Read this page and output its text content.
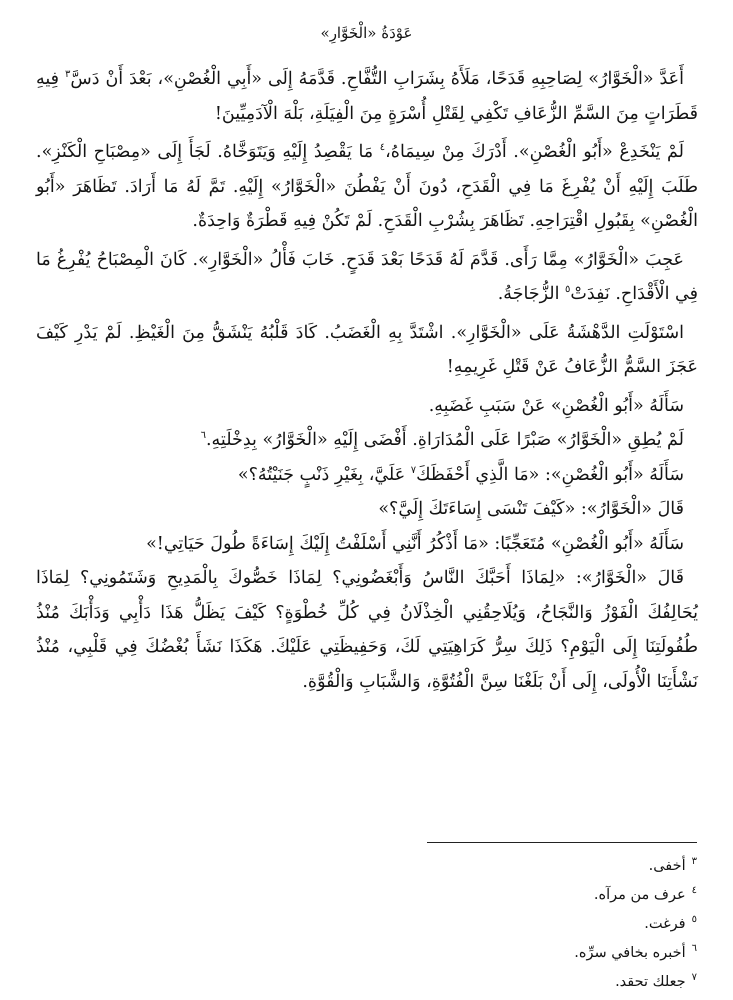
عَوْدَةُ «الْخَوَّارِ»

أَعَدَّ «الْخَوَّارُ» لِصَاحِبِهِ قَدَحًا، مَلَأَهُ بِشَرَابِ التُّفَّاحِ. قَدَّمَهُ إِلَى «أَبِي الْغُصْنِ»، بَعْدَ أَنْ دَسَّ$^٣$ فِيهِ قَطَرَاتٍ مِنَ السَّمِّ الزُّعَافِ تَكْفِي لِقَتْلِ أُسْرَةٍ مِنَ الْفِيَلَةِ، بَلْهَ الْآدَمِيِّينَ!

لَمْ يَنْخَدِعْ «أَبُو الْغُصْنِ». أَدْرَكَ مِنْ سِيمَاهُ،$^٤$ مَا يَقْصِدُ إِلَيْهِ وَيَتَوَخَّاهُ. لَجَأَ إِلَى «مِصْبَاحِ الْكَنْزِ». طَلَبَ إِلَيْهِ أَنْ يُفْرِغَ مَا فِي الْقَدَحِ، دُونَ أَنْ يَفْطُنَ «الْخَوَّارُ» إِلَيْهِ. تَمَّ لَهُ مَا أَرَادَ. تَظَاهَرَ «أَبُو الْغُصْنِ» بِقَبُولِ اقْتِرَاحِهِ. تَظَاهَرَ بِشُرْبِ الْقَدَحِ. لَمْ تَكُنْ فِيهِ قَطْرَةٌ وَاحِدَةٌ.

عَجِبَ «الْخَوَّارُ» مِمَّا رَأَى. قَدَّمَ لَهُ قَدَحًا بَعْدَ قَدَحٍ. خَابَ فَأْلُ «الْخَوَّارِ». كَانَ الْمِصْبَاحُ يُفْرِغُ مَا فِي الْأَقْدَاحِ. نَفِدَتْ$^٥$ الزُّجَاجَةُ.

اسْتَوْلَتِ الدَّهْشَةُ عَلَى «الْخَوَّارِ». اشْتَدَّ بِهِ الْغَضَبُ. كَادَ قَلْبُهُ يَنْشَقُّ مِنَ الْغَيْظِ. لَمْ يَدْرِ كَيْفَ عَجَزَ السَّمُّ الزُّعَافُ عَنْ قَتْلِ غَرِيمِهِ!

سَأَلَهُ «أَبُو الْغُصْنِ» عَنْ سَبَبِ غَضَبِهِ.

لَمْ يُطِقِ «الْخَوَّارُ» صَبْرًا عَلَى الْمُدَارَاةِ. أَفْضَى إِلَيْهِ «الْخَوَّارُ» بِدِخْلَتِهِ.$^٦$

سَأَلَهُ «أَبُو الْغُصْنِ»: «مَا الَّذِي أَحْفَظَكَ$^٧$ عَلَيَّ، بِغَيْرِ ذَنْبٍ جَنَيْتُهُ؟»

قَالَ «الْخَوَّارُ»: «كَيْفَ تَنْسَى إِسَاءَتَكَ إِلَيَّ؟»

سَأَلَهُ «أَبُو الْغُصْنِ» مُتَعَجِّبًا: «مَا أَذْكُرُ أَنَّنِي أَسْلَفْتُ إِلَيْكَ إِسَاءَةً طُولَ حَيَاتِي!»

قَالَ «الْخَوَّارُ»: «لِمَاذَا أَحَبَّكَ النَّاسُ وَأَبْغَضُونِي؟ لِمَاذَا خَصُّوكَ بِالْمَدِيحِ وَشَتَمُونِي؟ لِمَاذَا يُحَالِفُكَ الْفَوْزُ وَالنَّجَاحُ، وَيُلَاحِقُنِي الْخِذْلَانُ فِي كُلِّ خُطْوَةٍ؟ كَيْفَ يَظَلُّ هَذَا دَأْبِي وَدَأْبَكَ مُنْذُ طُفُولَتِنَا إِلَى الْيَوْمِ؟ ذَلِكَ سِرُّ كَرَاهِيَتِي لَكَ، وَحَفِيظَتِي عَلَيْكَ. هَكَذَا نَشَأَ بُغْضُكَ فِي قَلْبِي، مُنْذُ نَشْأَتِنَا الْأُولَى، إِلَى أَنْ بَلَغْنَا سِنَّ الْفُتُوَّةِ، وَالشَّبَابِ وَالْقُوَّةِ.

$^٣$أخفى.
$^٤$عرف من مرآه.
$^٥$فرغت.
$^٦$أخبره بخافي سرِّه.
$^٧$جعلك تحقد.
